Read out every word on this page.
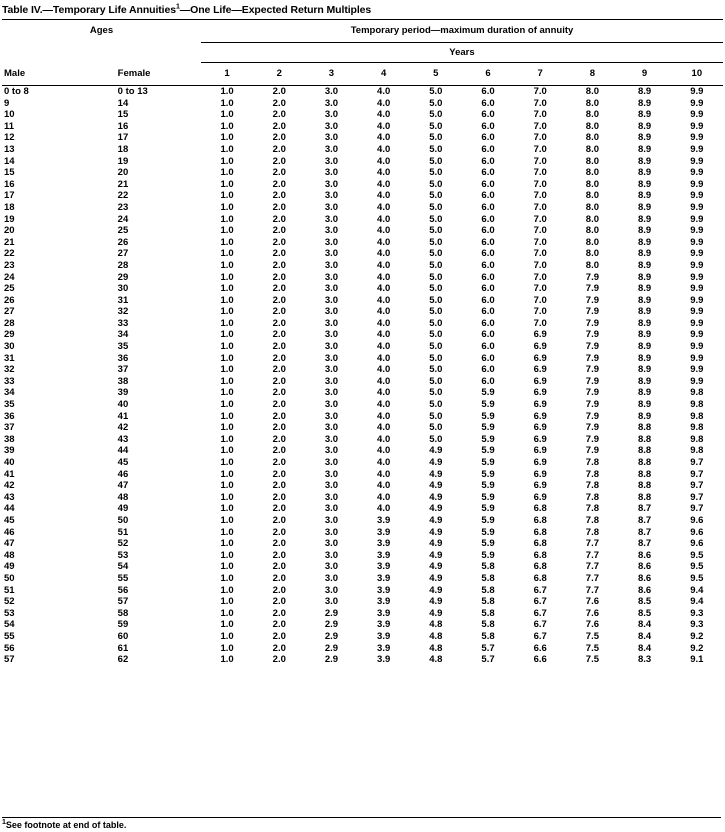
Table IV.—Temporary Life Annuities$^1$—One Life—Expected Return Multiples
Ages		Temporary period—maximum duration of annuity									
		Years									
Male	Female	1	2	3	4	5	6	7	8	9	10
0 to 8	0 to 13	1.0	2.0	3.0	4.0	5.0	6.0	7.0	8.0	8.9	9.9
9	14	1.0	2.0	3.0	4.0	5.0	6.0	7.0	8.0	8.9	9.9
10	15	1.0	2.0	3.0	4.0	5.0	6.0	7.0	8.0	8.9	9.9
11	16	1.0	2.0	3.0	4.0	5.0	6.0	7.0	8.0	8.9	9.9
12	17	1.0	2.0	3.0	4.0	5.0	6.0	7.0	8.0	8.9	9.9
13	18	1.0	2.0	3.0	4.0	5.0	6.0	7.0	8.0	8.9	9.9
14	19	1.0	2.0	3.0	4.0	5.0	6.0	7.0	8.0	8.9	9.9
15	20	1.0	2.0	3.0	4.0	5.0	6.0	7.0	8.0	8.9	9.9
16	21	1.0	2.0	3.0	4.0	5.0	6.0	7.0	8.0	8.9	9.9
17	22	1.0	2.0	3.0	4.0	5.0	6.0	7.0	8.0	8.9	9.9
18	23	1.0	2.0	3.0	4.0	5.0	6.0	7.0	8.0	8.9	9.9
19	24	1.0	2.0	3.0	4.0	5.0	6.0	7.0	8.0	8.9	9.9
20	25	1.0	2.0	3.0	4.0	5.0	6.0	7.0	8.0	8.9	9.9
21	26	1.0	2.0	3.0	4.0	5.0	6.0	7.0	8.0	8.9	9.9
22	27	1.0	2.0	3.0	4.0	5.0	6.0	7.0	8.0	8.9	9.9
23	28	1.0	2.0	3.0	4.0	5.0	6.0	7.0	8.0	8.9	9.9
24	29	1.0	2.0	3.0	4.0	5.0	6.0	7.0	7.9	8.9	9.9
25	30	1.0	2.0	3.0	4.0	5.0	6.0	7.0	7.9	8.9	9.9
26	31	1.0	2.0	3.0	4.0	5.0	6.0	7.0	7.9	8.9	9.9
27	32	1.0	2.0	3.0	4.0	5.0	6.0	7.0	7.9	8.9	9.9
28	33	1.0	2.0	3.0	4.0	5.0	6.0	7.0	7.9	8.9	9.9
29	34	1.0	2.0	3.0	4.0	5.0	6.0	6.9	7.9	8.9	9.9
30	35	1.0	2.0	3.0	4.0	5.0	6.0	6.9	7.9	8.9	9.9
31	36	1.0	2.0	3.0	4.0	5.0	6.0	6.9	7.9	8.9	9.9
32	37	1.0	2.0	3.0	4.0	5.0	6.0	6.9	7.9	8.9	9.9
33	38	1.0	2.0	3.0	4.0	5.0	6.0	6.9	7.9	8.9	9.9
34	39	1.0	2.0	3.0	4.0	5.0	5.9	6.9	7.9	8.9	9.8
35	40	1.0	2.0	3.0	4.0	5.0	5.9	6.9	7.9	8.9	9.8
36	41	1.0	2.0	3.0	4.0	5.0	5.9	6.9	7.9	8.9	9.8
37	42	1.0	2.0	3.0	4.0	5.0	5.9	6.9	7.9	8.8	9.8
38	43	1.0	2.0	3.0	4.0	5.0	5.9	6.9	7.9	8.8	9.8
39	44	1.0	2.0	3.0	4.0	4.9	5.9	6.9	7.9	8.8	9.8
40	45	1.0	2.0	3.0	4.0	4.9	5.9	6.9	7.8	8.8	9.7
41	46	1.0	2.0	3.0	4.0	4.9	5.9	6.9	7.8	8.8	9.7
42	47	1.0	2.0	3.0	4.0	4.9	5.9	6.9	7.8	8.8	9.7
43	48	1.0	2.0	3.0	4.0	4.9	5.9	6.9	7.8	8.8	9.7
44	49	1.0	2.0	3.0	4.0	4.9	5.9	6.8	7.8	8.7	9.7
45	50	1.0	2.0	3.0	3.9	4.9	5.9	6.8	7.8	8.7	9.6
46	51	1.0	2.0	3.0	3.9	4.9	5.9	6.8	7.8	8.7	9.6
47	52	1.0	2.0	3.0	3.9	4.9	5.9	6.8	7.7	8.7	9.6
48	53	1.0	2.0	3.0	3.9	4.9	5.9	6.8	7.7	8.6	9.5
49	54	1.0	2.0	3.0	3.9	4.9	5.8	6.8	7.7	8.6	9.5
50	55	1.0	2.0	3.0	3.9	4.9	5.8	6.8	7.7	8.6	9.5
51	56	1.0	2.0	3.0	3.9	4.9	5.8	6.7	7.7	8.6	9.4
52	57	1.0	2.0	3.0	3.9	4.9	5.8	6.7	7.6	8.5	9.4
53	58	1.0	2.0	2.9	3.9	4.9	5.8	6.7	7.6	8.5	9.3
54	59	1.0	2.0	2.9	3.9	4.8	5.8	6.7	7.6	8.4	9.3
55	60	1.0	2.0	2.9	3.9	4.8	5.8	6.7	7.5	8.4	9.2
56	61	1.0	2.0	2.9	3.9	4.8	5.7	6.6	7.5	8.4	9.2
57	62	1.0	2.0	2.9	3.9	4.8	5.7	6.6	7.5	8.3	9.1
$^1$See footnote at end of table.
